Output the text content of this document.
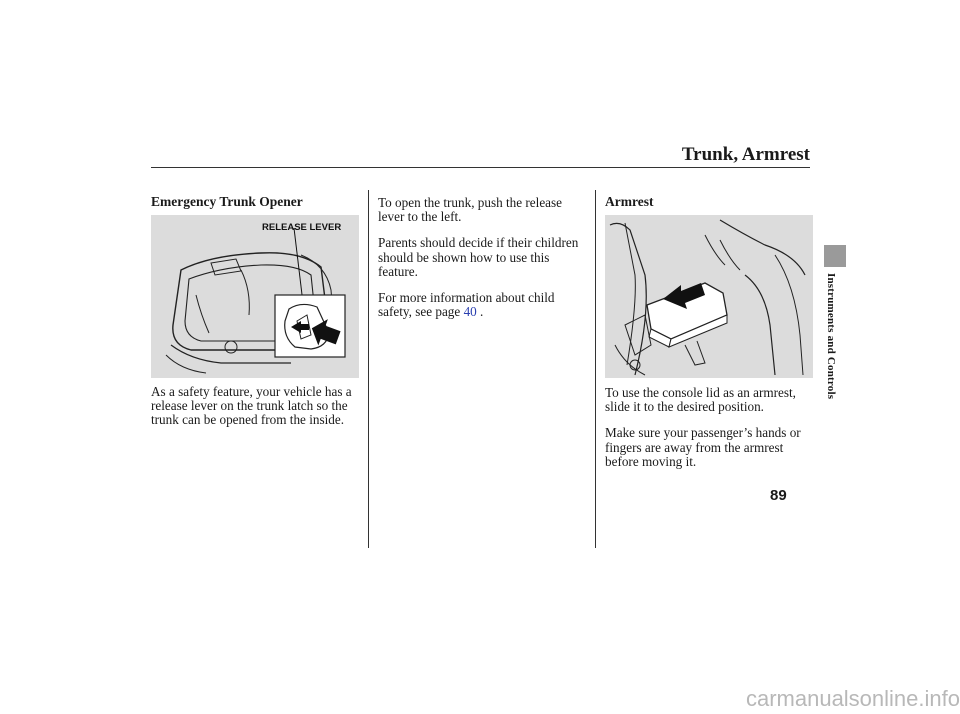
Trunk, Armrest
Instruments and Controls
Emergency Trunk Opener
RELEASE LEVER

As a safety feature, your vehicle has a release lever on the trunk latch so the trunk can be opened from the inside.

To open the trunk, push the release lever to the left.

Parents should decide if their children should be shown how to use this feature.

For more information about child safety, see page 40 .

Armrest

To use the console lid as an armrest, slide it to the desired position.

Make sure your passenger’s hands or fingers are away from the armrest before moving it.

89
carmanualsonline.info
